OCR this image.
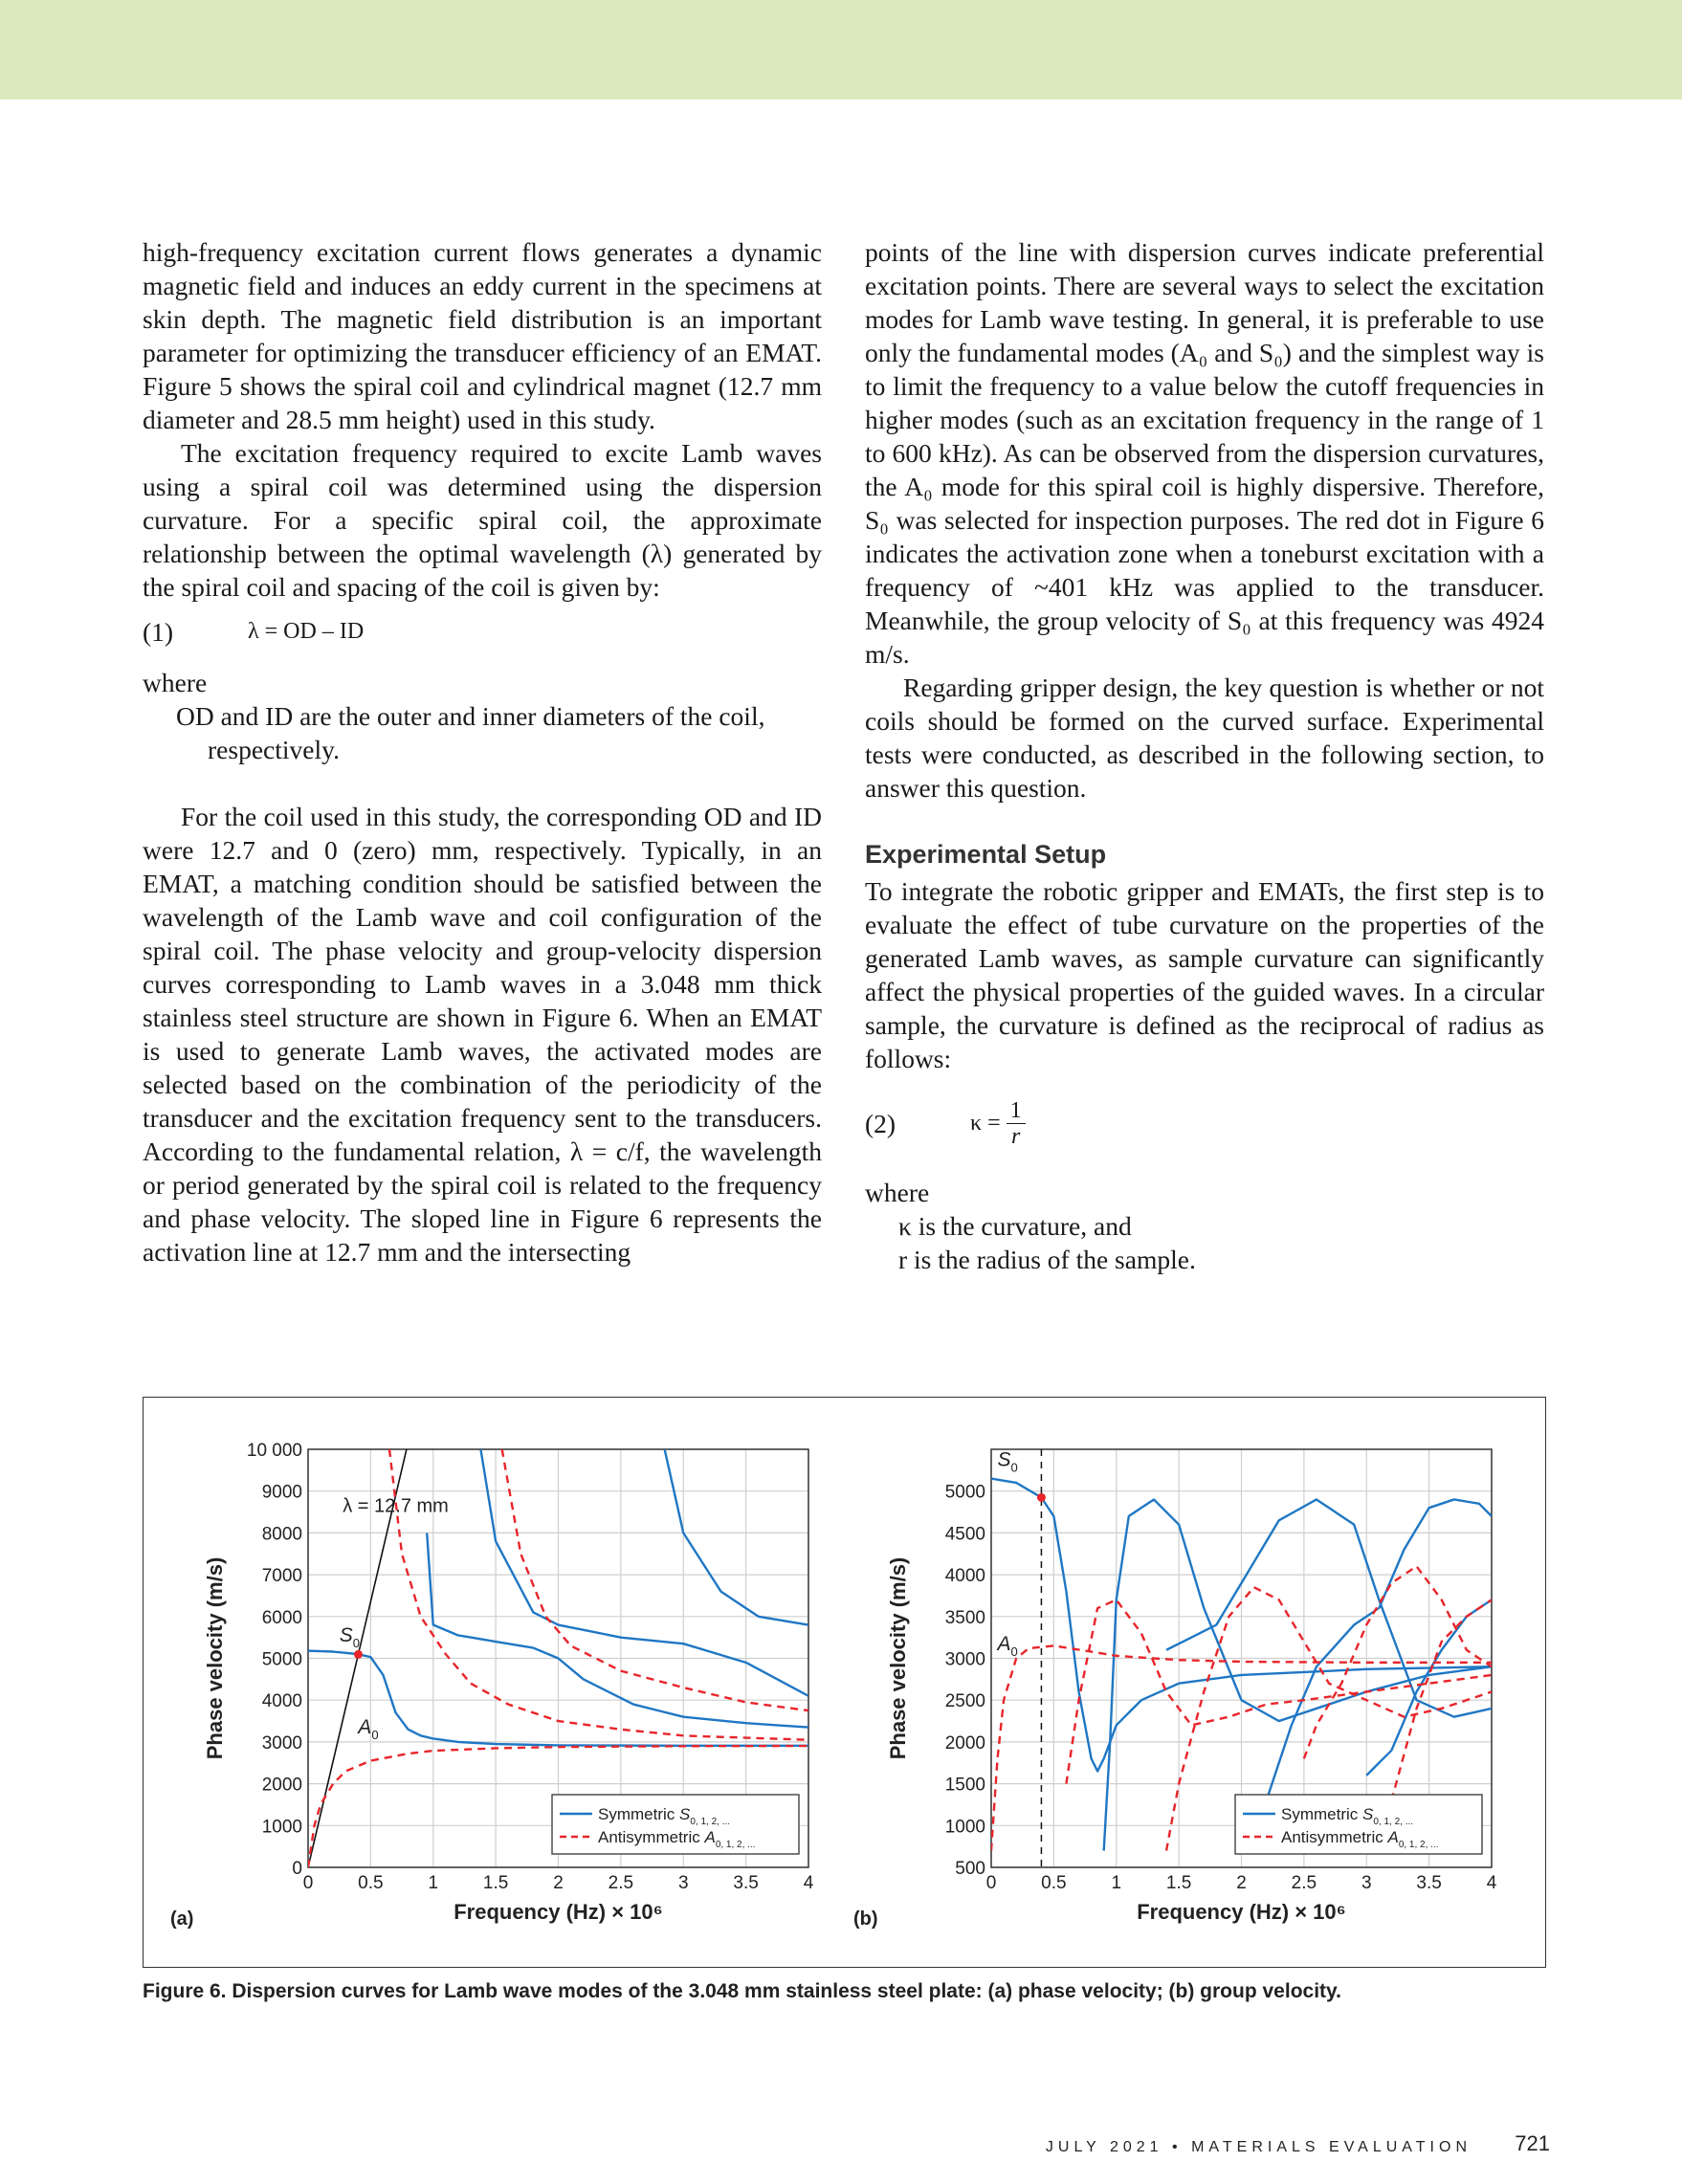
high-frequency excitation current flows generates a dynamic magnetic field and induces an eddy current in the specimens at skin depth. The magnetic field distribution is an important parameter for optimizing the transducer efficiency of an EMAT. Figure 5 shows the spiral coil and cylindrical magnet (12.7 mm diameter and 28.5 mm height) used in this study.

The excitation frequency required to excite Lamb waves using a spiral coil was determined using the dispersion curvature. For a specific spiral coil, the approximate relationship between the optimal wavelength (λ) generated by the spiral coil and spacing of the coil is given by:

(1)	λ = OD – ID

where

OD and ID are the outer and inner diameters of the coil,

respectively.

For the coil used in this study, the corresponding OD and ID were 12.7 and 0 (zero) mm, respectively. Typically, in an EMAT, a matching condition should be satisfied between the wavelength of the Lamb wave and coil configuration of the spiral coil. The phase velocity and group-velocity dispersion curves corresponding to Lamb waves in a 3.048 mm thick stainless steel structure are shown in Figure 6. When an EMAT is used to generate Lamb waves, the activated modes are selected based on the combination of the periodicity of the transducer and the excitation frequency sent to the transducers. According to the fundamental relation, λ = c/f, the wavelength or period generated by the spiral coil is related to the frequency and phase velocity. The sloped line in Figure 6 represents the activation line at 12.7 mm and the intersecting

points of the line with dispersion curves indicate preferential excitation points. There are several ways to select the excitation modes for Lamb wave testing. In general, it is preferable to use only the fundamental modes (A₀ and S₀) and the simplest way is to limit the frequency to a value below the cutoff frequencies in higher modes (such as an excitation frequency in the range of 1 to 600 kHz). As can be observed from the dispersion curvatures, the A₀ mode for this spiral coil is highly dispersive. Therefore, S₀ was selected for inspection purposes. The red dot in Figure 6 indicates the activation zone when a toneburst excitation with a frequency of ~401 kHz was applied to the transducer. Meanwhile, the group velocity of S₀ at this frequency was 4924 m/s.

Regarding gripper design, the key question is whether or not coils should be formed on the curved surface. Experimental tests were conducted, as described in the following section, to answer this question.

Experimental Setup

To integrate the robotic gripper and EMATs, the first step is to evaluate the effect of tube curvature on the properties of the generated Lamb waves, as sample curvature can significantly affect the physical properties of the guided waves. In a circular sample, the curvature is defined as the reciprocal of radius as follows:

(2)	$\kappa = \frac{1}{r}$

where

κ is the curvature, and

r is the radius of the sample.

0 0.5 1 1.5 2 2.5 3 3.5 4
0
1000
2000
3000
4000
5000
6000
7000
8000
9000
10 000
Frequency (Hz) × 10⁶
Phase velocity (m/s)
(a)
λ = 12.7 mm
$S_0$
$A_0$
Symmetric $S_{0, 1, 2, ...}$
Antisymmetric $A_{0, 1, 2, ...}$
0 0.5 1 1.5 2 2.5 3 3.5 4
500
1000
1500
2000
2500
3000
3500
4000
4500
5000
Frequency (Hz) × 10⁶
Phase velocity (m/s)
(b)
$S_0$
$A_0$
Symmetric $S_{0, 1, 2, ...}$
Antisymmetric $A_{0, 1, 2, ...}$
Figure 6. Dispersion curves for Lamb wave modes of the 3.048 mm stainless steel plate: (a) phase velocity; (b) group velocity.
JULY 2021 • MATERIALS EVALUATION 721
